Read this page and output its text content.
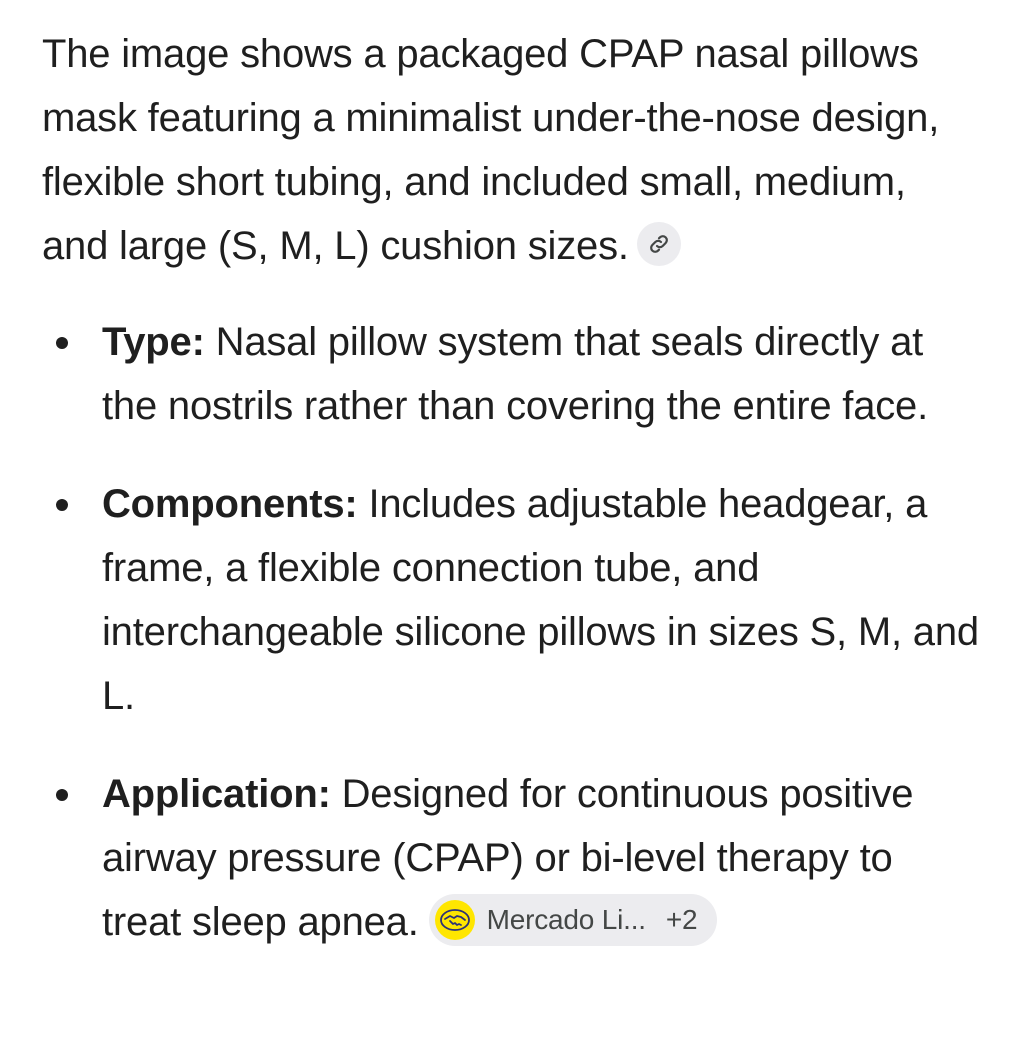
The image shows a packaged CPAP nasal pillows mask featuring a minimalist under-the-nose design, flexible short tubing, and included small, medium, and large (S, M, L) cushion sizes.

Type: Nasal pillow system that seals directly at the nostrils rather than covering the entire face.
Components: Includes adjustable headgear, a frame, a flexible connection tube, and interchangeable silicone pillows in sizes S, M, and L.
Application: Designed for continuous positive airway pressure (CPAP) or bi-level therapy to treat sleep apnea. Mercado Li... +2
